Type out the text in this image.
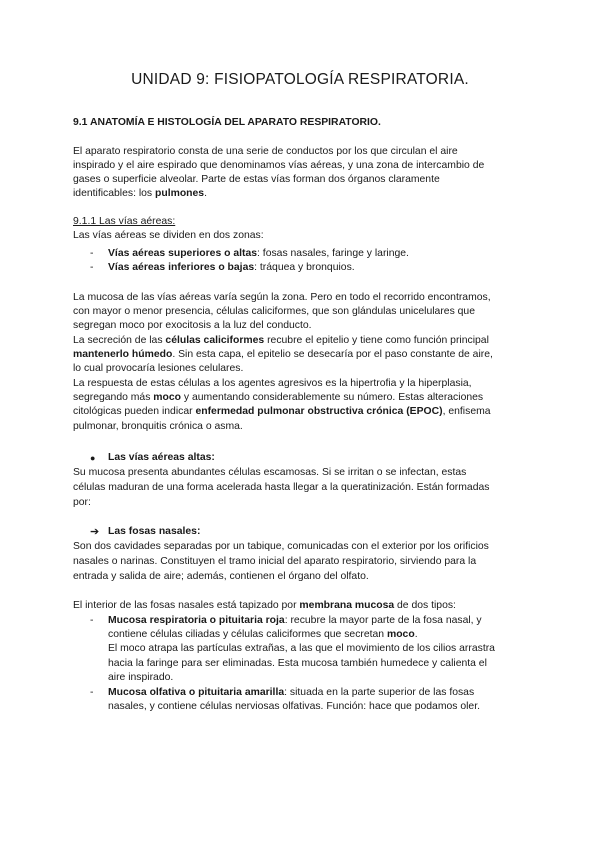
UNIDAD 9: FISIOPATOLOGÍA RESPIRATORIA.
9.1 ANATOMÍA E HISTOLOGÍA DEL APARATO RESPIRATORIO.

El aparato respiratorio consta de una serie de conductos por los que circulan el aire

inspirado y el aire espirado que denominamos vías aéreas, y una zona de intercambio de

gases o superficie alveolar. Parte de estas vías forman dos órganos claramente

identificables: los pulmones.

9.1.1 Las vías aéreas:

Las vías aéreas se dividen en dos zonas:

- Vías aéreas superiores o altas: fosas nasales, faringe y laringe.

- Vías aéreas inferiores o bajas: tráquea y bronquios.

La mucosa de las vías aéreas varía según la zona. Pero en todo el recorrido encontramos,

con mayor o menor presencia, células caliciformes, que son glándulas unicelulares que

segregan moco por exocitosis a la luz del conducto.

La secreción de las células caliciformes recubre el epitelio y tiene como función principal

mantenerlo húmedo. Sin esta capa, el epitelio se desecaría por el paso constante de aire,

lo cual provocaría lesiones celulares.

La respuesta de estas células a los agentes agresivos es la hipertrofia y la hiperplasia,

segregando más moco y aumentando considerablemente su número. Estas alteraciones

citológicas pueden indicar enfermedad pulmonar obstructiva crónica (EPOC), enfisema

pulmonar, bronquitis crónica o asma.

● Las vías aéreas altas:

Su mucosa presenta abundantes células escamosas. Si se irritan o se infectan, estas

células maduran de una forma acelerada hasta llegar a la queratinización. Están formadas

por:

➔ Las fosas nasales:

Son dos cavidades separadas por un tabique, comunicadas con el exterior por los orificios

nasales o narinas. Constituyen el tramo inicial del aparato respiratorio, sirviendo para la

entrada y salida de aire; además, contienen el órgano del olfato.

El interior de las fosas nasales está tapizado por membrana mucosa de dos tipos:

- Mucosa respiratoria o pituitaria roja: recubre la mayor parte de la fosa nasal, y

contiene células ciliadas y células caliciformes que secretan moco.

El moco atrapa las partículas extrañas, a las que el movimiento de los cilios arrastra

hacia la faringe para ser eliminadas. Esta mucosa también humedece y calienta el

aire inspirado.

- Mucosa olfativa o pituitaria amarilla: situada en la parte superior de las fosas

nasales, y contiene células nerviosas olfativas. Función: hace que podamos oler.
